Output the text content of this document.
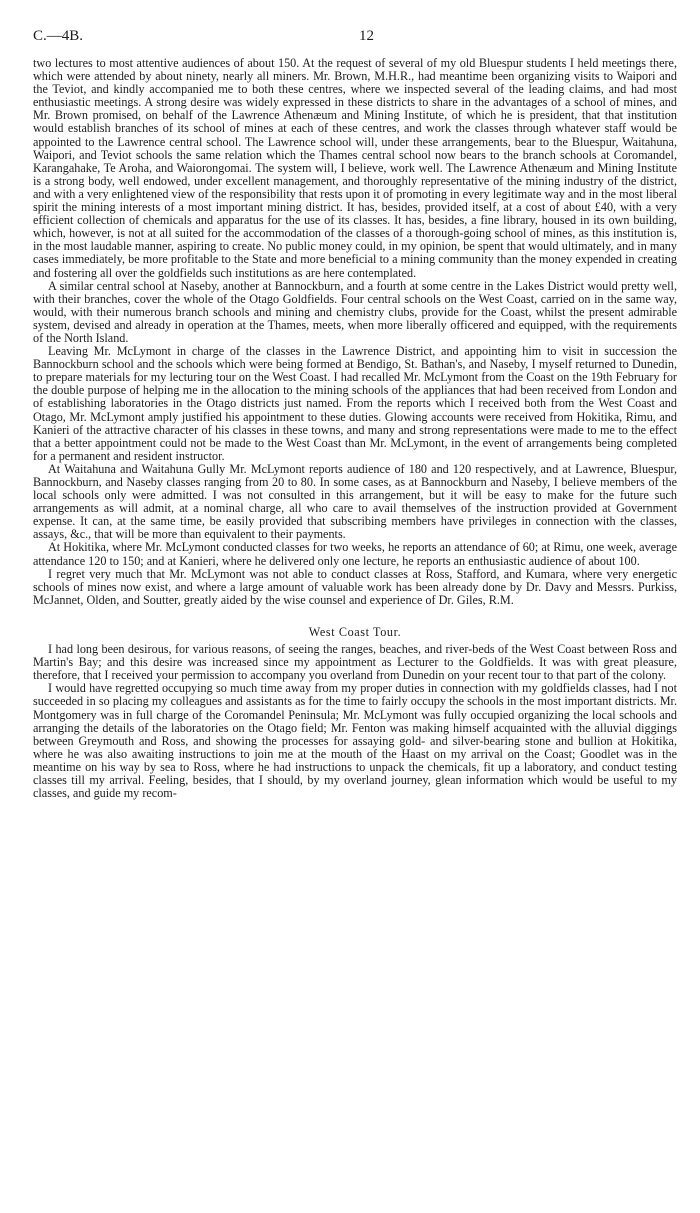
C.—4B.	12

two lectures to most attentive audiences of about 150. At the request of several of my old Bluespur students I held meetings there, which were attended by about ninety, nearly all miners. Mr. Brown, M.H.R., had meantime been organizing visits to Waipori and the Teviot, and kindly accompanied me to both these centres, where we inspected several of the leading claims, and had most enthusiastic meetings. A strong desire was widely expressed in these districts to share in the advantages of a school of mines, and Mr. Brown promised, on behalf of the Lawrence Athenæum and Mining Institute, of which he is president, that that institution would establish branches of its school of mines at each of these centres, and work the classes through whatever staff would be appointed to the Lawrence central school. The Lawrence school will, under these arrangements, bear to the Bluespur, Waitahuna, Waipori, and Teviot schools the same relation which the Thames central school now bears to the branch schools at Coromandel, Karangahake, Te Aroha, and Waiorongomai. The system will, I believe, work well. The Lawrence Athenæum and Mining Institute is a strong body, well endowed, under excellent management, and thoroughly representative of the mining industry of the district, and with a very enlightened view of the responsibility that rests upon it of promoting in every legitimate way and in the most liberal spirit the mining interests of a most important mining district. It has, besides, provided itself, at a cost of about £40, with a very efficient collection of chemicals and apparatus for the use of its classes. It has, besides, a fine library, housed in its own building, which, however, is not at all suited for the accommodation of the classes of a thorough-going school of mines, as this institution is, in the most laudable manner, aspiring to create. No public money could, in my opinion, be spent that would ultimately, and in many cases immediately, be more profitable to the State and more beneficial to a mining community than the money expended in creating and fostering all over the goldfields such institutions as are here contemplated.

A similar central school at Naseby, another at Bannockburn, and a fourth at some centre in the Lakes District would pretty well, with their branches, cover the whole of the Otago Goldfields. Four central schools on the West Coast, carried on in the same way, would, with their numerous branch schools and mining and chemistry clubs, provide for the Coast, whilst the present admirable system, devised and already in operation at the Thames, meets, when more liberally officered and equipped, with the requirements of the North Island.

Leaving Mr. McLymont in charge of the classes in the Lawrence District, and appointing him to visit in succession the Bannockburn school and the schools which were being formed at Bendigo, St. Bathan's, and Naseby, I myself returned to Dunedin, to prepare materials for my lecturing tour on the West Coast. I had recalled Mr. McLymont from the Coast on the 19th February for the double purpose of helping me in the allocation to the mining schools of the appliances that had been received from London and of establishing laboratories in the Otago districts just named. From the reports which I received both from the West Coast and Otago, Mr. McLymont amply justified his appointment to these duties. Glowing accounts were received from Hokitika, Rimu, and Kanieri of the attractive character of his classes in these towns, and many and strong representations were made to me to the effect that a better appointment could not be made to the West Coast than Mr. McLymont, in the event of arrangements being completed for a permanent and resident instructor.

At Waitahuna and Waitahuna Gully Mr. McLymont reports audience of 180 and 120 respectively, and at Lawrence, Bluespur, Bannockburn, and Naseby classes ranging from 20 to 80. In some cases, as at Bannockburn and Naseby, I believe members of the local schools only were admitted. I was not consulted in this arrangement, but it will be easy to make for the future such arrangements as will admit, at a nominal charge, all who care to avail themselves of the instruction provided at Government expense. It can, at the same time, be easily provided that subscribing members have privileges in connection with the classes, assays, &c., that will be more than equivalent to their payments.

At Hokitika, where Mr. McLymont conducted classes for two weeks, he reports an attendance of 60; at Rimu, one week, average attendance 120 to 150; and at Kanieri, where he delivered only one lecture, he reports an enthusiastic audience of about 100.

I regret very much that Mr. McLymont was not able to conduct classes at Ross, Stafford, and Kumara, where very energetic schools of mines now exist, and where a large amount of valuable work has been already done by Dr. Davy and Messrs. Purkiss, McJannet, Olden, and Soutter, greatly aided by the wise counsel and experience of Dr. Giles, R.M.

West Coast Tour.

I had long been desirous, for various reasons, of seeing the ranges, beaches, and river-beds of the West Coast between Ross and Martin's Bay; and this desire was increased since my appointment as Lecturer to the Goldfields. It was with great pleasure, therefore, that I received your permission to accompany you overland from Dunedin on your recent tour to that part of the colony.

I would have regretted occupying so much time away from my proper duties in connection with my goldfields classes, had I not succeeded in so placing my colleagues and assistants as for the time to fairly occupy the schools in the most important districts. Mr. Montgomery was in full charge of the Coromandel Peninsula; Mr. McLymont was fully occupied organizing the local schools and arranging the details of the laboratories on the Otago field; Mr. Fenton was making himself acquainted with the alluvial diggings between Greymouth and Ross, and showing the processes for assaying gold- and silver-bearing stone and bullion at Hokitika, where he was also awaiting instructions to join me at the mouth of the Haast on my arrival on the Coast; Goodlet was in the meantime on his way by sea to Ross, where he had instructions to unpack the chemicals, fit up a laboratory, and conduct testing classes till my arrival. Feeling, besides, that I should, by my overland journey, glean information which would be useful to my classes, and guide my recom-
